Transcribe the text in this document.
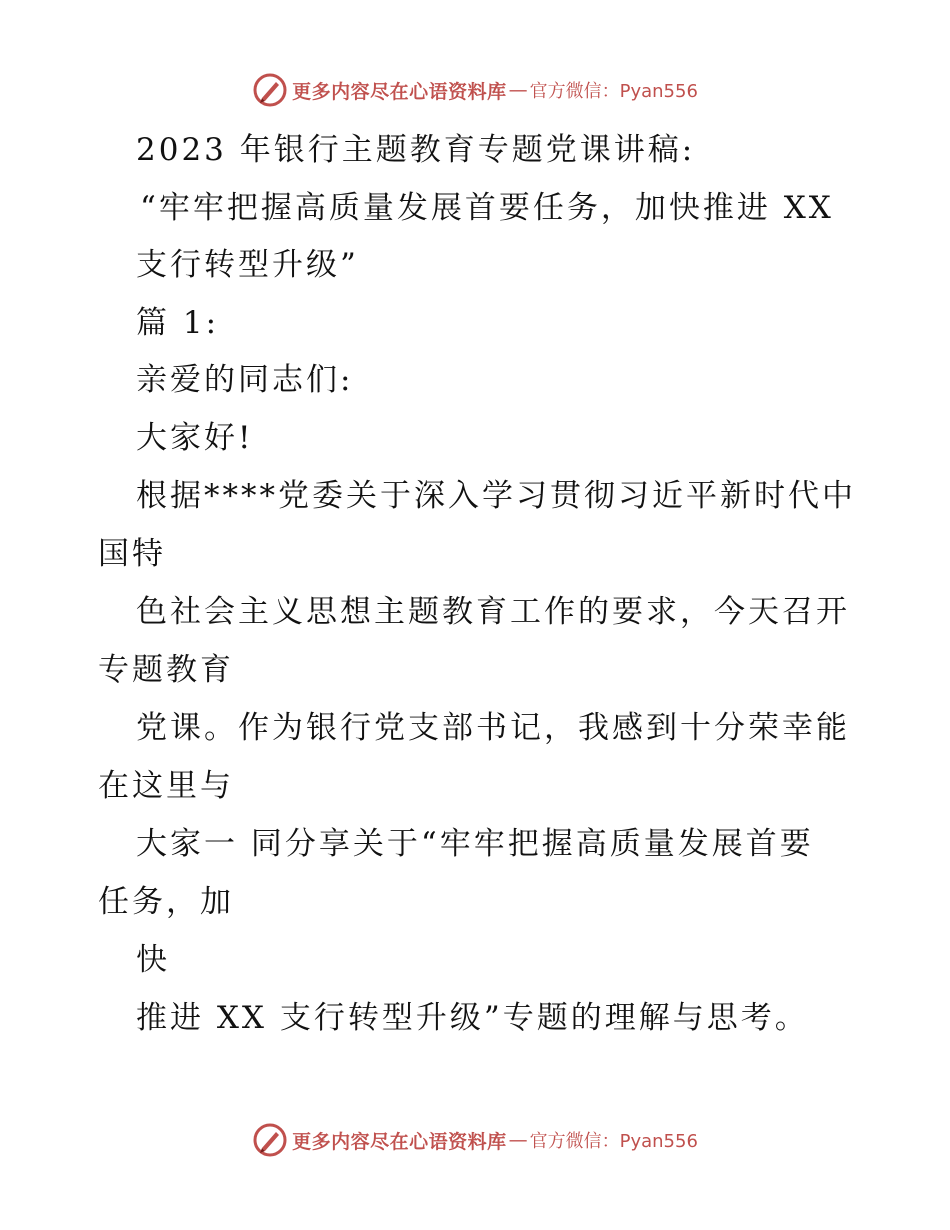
更多内容尽在心语资料库 — 官方微信：Pyan556
2023 年银行主题教育专题党课讲稿:
“牢牢把握高质量发展首要任务，加快推进 XX
支行转型升级”
篇 1:
亲爱的同志们:
大家好!
根据****党委关于深入学习贯彻习近平新时代中
国特
色社会主义思想主题教育工作的要求，今天召开
专题教育
党课。作为银行党支部书记，我感到十分荣幸能
在这里与
大家一 同分享关于“牢牢把握高质量发展首要
任务，加
快
推进 XX 支行转型升级”专题的理解与思考。
更多内容尽在心语资料库 — 官方微信：Pyan556
